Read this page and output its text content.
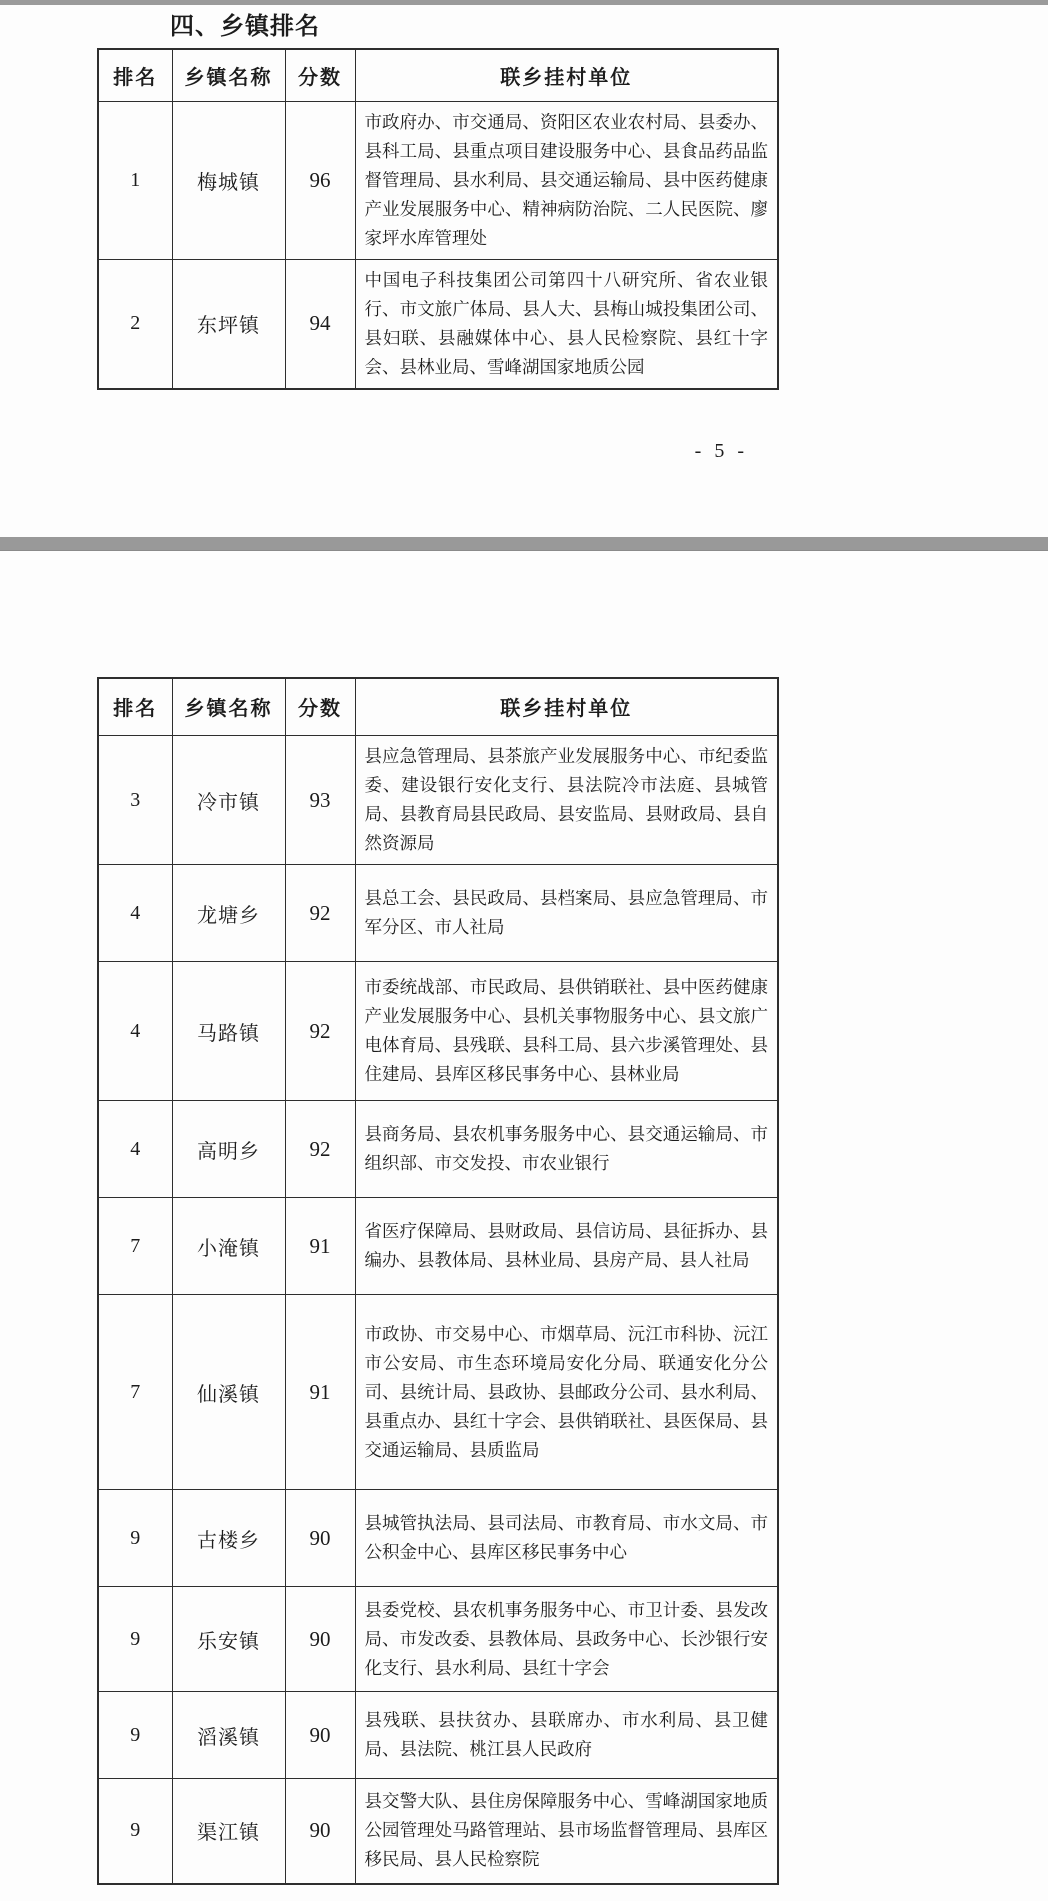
四、乡镇排名
排名	乡镇名称	分数	联乡挂村单位
1	梅城镇	96	市政府办、市交通局、资阳区农业农村局、县委办、县科工局、县重点项目建设服务中心、县食品药品监督管理局、县水利局、县交通运输局、县中医药健康产业发展服务中心、精神病防治院、二人民医院、廖家坪水库管理处
2	东坪镇	94	中国电子科技集团公司第四十八研究所、省农业银行、市文旅广体局、县人大、县梅山城投集团公司、县妇联、县融媒体中心、县人民检察院、县红十字会、县林业局、雪峰湖国家地质公园
- 5 -
排名	乡镇名称	分数	联乡挂村单位
3	冷市镇	93	县应急管理局、县茶旅产业发展服务中心、市纪委监委、建设银行安化支行、县法院冷市法庭、县城管局、县教育局县民政局、县安监局、县财政局、县自然资源局
4	龙塘乡	92	县总工会、县民政局、县档案局、县应急管理局、市军分区、市人社局
4	马路镇	92	市委统战部、市民政局、县供销联社、县中医药健康产业发展服务中心、县机关事物服务中心、县文旅广电体育局、县残联、县科工局、县六步溪管理处、县住建局、县库区移民事务中心、县林业局
4	高明乡	92	县商务局、县农机事务服务中心、县交通运输局、市组织部、市交发投、市农业银行
7	小淹镇	91	省医疗保障局、县财政局、县信访局、县征拆办、县编办、县教体局、县林业局、县房产局、县人社局
7	仙溪镇	91	市政协、市交易中心、市烟草局、沅江市科协、沅江市公安局、市生态环境局安化分局、联通安化分公司、县统计局、县政协、县邮政分公司、县水利局、县重点办、县红十字会、县供销联社、县医保局、县交通运输局、县质监局
9	古楼乡	90	县城管执法局、县司法局、市教育局、市水文局、市公积金中心、县库区移民事务中心
9	乐安镇	90	县委党校、县农机事务服务中心、市卫计委、县发改局、市发改委、县教体局、县政务中心、长沙银行安化支行、县水利局、县红十字会
9	滔溪镇	90	县残联、县扶贫办、县联席办、市水利局、县卫健局、县法院、桃江县人民政府
9	渠江镇	90	县交警大队、县住房保障服务中心、雪峰湖国家地质公园管理处马路管理站、县市场监督管理局、县库区移民局、县人民检察院
